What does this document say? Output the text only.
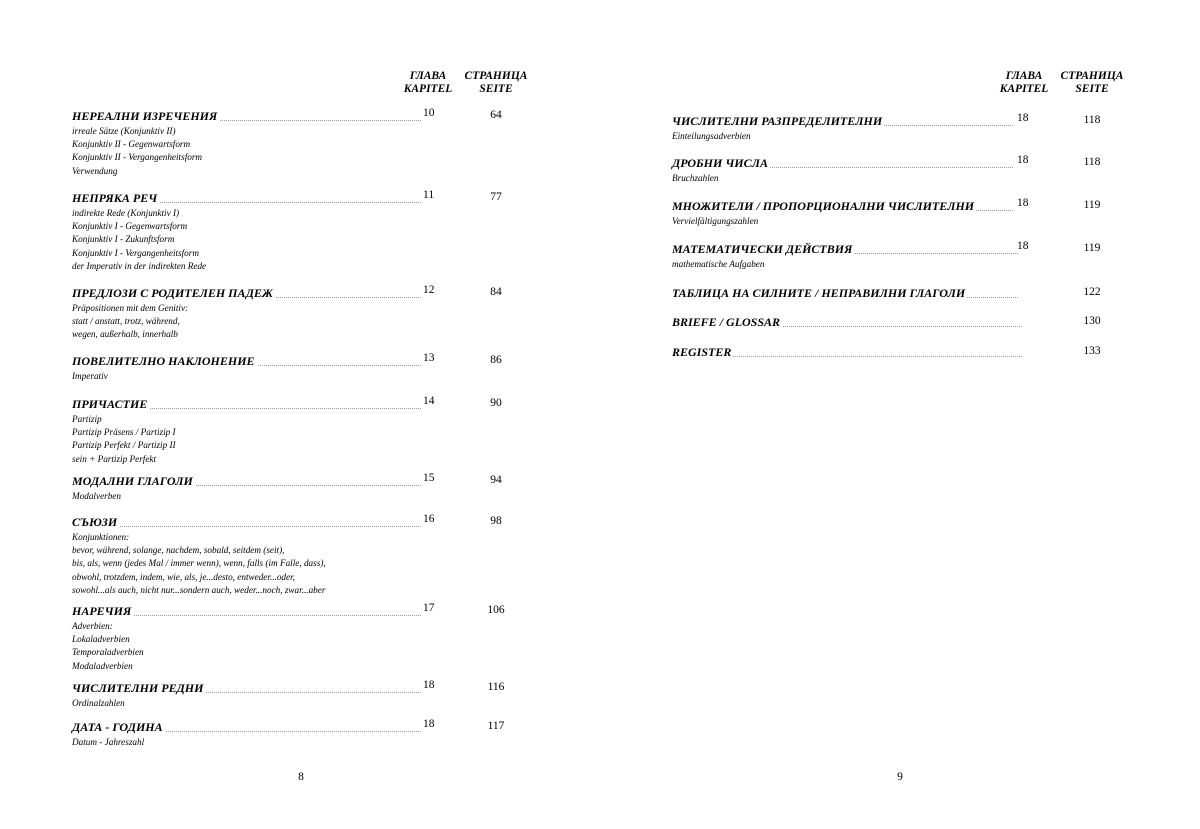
ГЛАВА
KAPITEL
СТРАНИЦА
SEITE
НЕРЕАЛНИ ИЗРЕЧЕНИЯ	10	64
irreale Sätze (Konjunktiv II)
Konjunktiv II - Gegenwartsform
Konjunktiv II - Vergangenheitsform
Verwendung
НЕПРЯКА РЕЧ	11	77
indirekte Rede (Konjunktiv I)
Konjunktiv I - Gegenwartsform
Konjunktiv I - Zukunftsform
Konjunktiv I - Vergangenheitsform
der Imperativ in der indirekten Rede
ПРЕДЛОЗИ С РОДИТЕЛЕН ПАДЕЖ	12	84
Präpositionen mit dem Genitiv:
statt / anstatt, trotz, während,
wegen, außerhalb, innerhalb
ПОВЕЛИТЕЛНО НАКЛОНЕНИЕ	13	86
Imperativ
ПРИЧАСТИЕ	14	90
Partizip
Partizip Präsens / Partizip I
Partizip Perfekt / Partizip II
sein + Partizip Perfekt
МОДАЛНИ ГЛАГОЛИ	15	94
Modalverben
СЪЮЗИ	16	98
Konjunktionen:
bevor, während, solange, nachdem, sobald, seitdem (seit),
bis, als, wenn (jedes Mal / immer wenn), wenn, falls (im Falle, dass),
obwohl, trotzdem, indem, wie, als, je...desto, entweder...oder,
sowohl...als auch, nicht nur...sondern auch, weder...noch, zwar...aber
НАРЕЧИЯ	17	106
Adverbien:
Lokaladverbien
Temporaladverbien
Modaladverbien
ЧИСЛИТЕЛНИ РЕДНИ	18	116
Ordinalzahlen
ДАТА - ГОДИНА	18	117
Datum - Jahreszahl
8
ГЛАВА
KAPITEL
СТРАНИЦА
SEITE
ЧИСЛИТЕЛНИ РАЗПРЕДЕЛИТЕЛНИ	18	118
Einteilungsadverbien
ДРОБНИ ЧИСЛА	18	118
Bruchzahlen
МНОЖИТЕЛИ / ПРОПОРЦИОНАЛНИ ЧИСЛИТЕЛНИ	18	119
Vervielfältigungszahlen
МАТЕМАТИЧЕСКИ ДЕЙСТВИЯ	18	119
mathematische Aufgaben
ТАБЛИЦА НА СИЛНИТЕ / НЕПРАВИЛНИ ГЛАГОЛИ	122
BRIEFE / GLOSSAR	130
REGISTER	133
9
